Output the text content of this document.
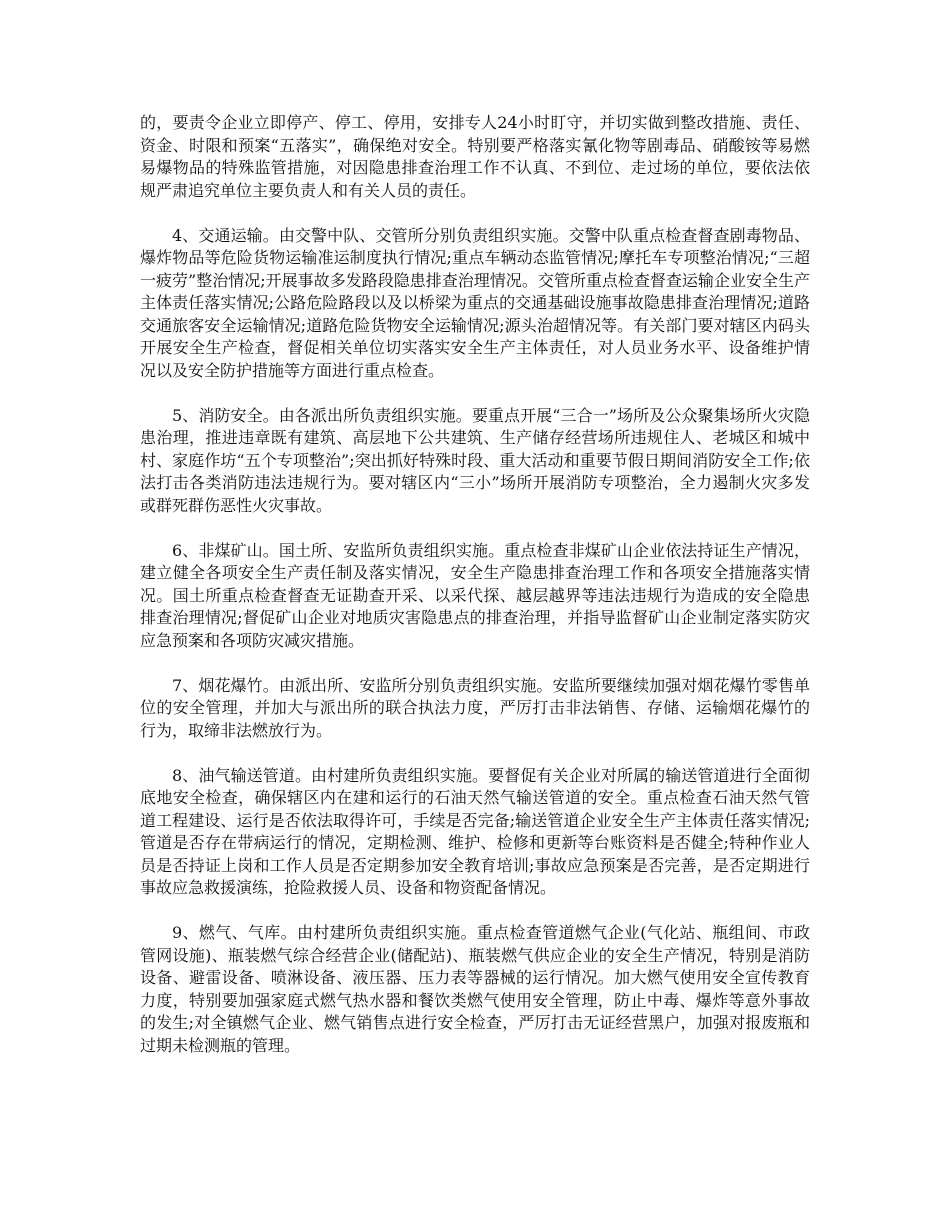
的，要责令企业立即停产、停工、停用，安排专人24小时盯守，并切实做到整改措施、责任、资金、时限和预案“五落实”，确保绝对安全。特别要严格落实氰化物等剧毒品、硝酸铵等易燃易爆物品的特殊监管措施，对因隐患排查治理工作不认真、不到位、走过场的单位，要依法依规严肃追究单位主要负责人和有关人员的责任。

4、交通运输。由交警中队、交管所分别负责组织实施。交警中队重点检查督查剧毒物品、爆炸物品等危险货物运输准运制度执行情况;重点车辆动态监管情况;摩托车专项整治情况;“三超一疲劳”整治情况;开展事故多发路段隐患排查治理情况。交管所重点检查督查运输企业安全生产主体责任落实情况;公路危险路段以及以桥梁为重点的交通基础设施事故隐患排查治理情况;道路交通旅客安全运输情况;道路危险货物安全运输情况;源头治超情况等。有关部门要对辖区内码头开展安全生产检查，督促相关单位切实落实安全生产主体责任，对人员业务水平、设备维护情况以及安全防护措施等方面进行重点检查。

5、消防安全。由各派出所负责组织实施。要重点开展“三合一”场所及公众聚集场所火灾隐患治理，推进违章既有建筑、高层地下公共建筑、生产储存经营场所违规住人、老城区和城中村、家庭作坊“五个专项整治”;突出抓好特殊时段、重大活动和重要节假日期间消防安全工作;依法打击各类消防违法违规行为。要对辖区内“三小”场所开展消防专项整治，全力遏制火灾多发或群死群伤恶性火灾事故。

6、非煤矿山。国土所、安监所负责组织实施。重点检查非煤矿山企业依法持证生产情况，建立健全各项安全生产责任制及落实情况，安全生产隐患排查治理工作和各项安全措施落实情况。国土所重点检查督查无证勘查开采、以采代探、越层越界等违法违规行为造成的安全隐患排查治理情况;督促矿山企业对地质灾害隐患点的排查治理，并指导监督矿山企业制定落实防灾应急预案和各项防灾减灾措施。

7、烟花爆竹。由派出所、安监所分别负责组织实施。安监所要继续加强对烟花爆竹零售单位的安全管理，并加大与派出所的联合执法力度，严厉打击非法销售、存储、运输烟花爆竹的行为，取缔非法燃放行为。

8、油气输送管道。由村建所负责组织实施。要督促有关企业对所属的输送管道进行全面彻底地安全检查，确保辖区内在建和运行的石油天然气输送管道的安全。重点检查石油天然气管道工程建设、运行是否依法取得许可，手续是否完备;输送管道企业安全生产主体责任落实情况;管道是否存在带病运行的情况，定期检测、维护、检修和更新等台账资料是否健全;特种作业人员是否持证上岗和工作人员是否定期参加安全教育培训;事故应急预案是否完善，是否定期进行事故应急救援演练，抢险救援人员、设备和物资配备情况。

9、燃气、气库。由村建所负责组织实施。重点检查管道燃气企业(气化站、瓶组间、市政管网设施)、瓶装燃气综合经营企业(储配站)、瓶装燃气供应企业的安全生产情况，特别是消防设备、避雷设备、喷淋设备、液压器、压力表等器械的运行情况。加大燃气使用安全宣传教育力度，特别要加强家庭式燃气热水器和餐饮类燃气使用安全管理，防止中毒、爆炸等意外事故的发生;对全镇燃气企业、燃气销售点进行安全检查，严厉打击无证经营黑户，加强对报废瓶和过期未检测瓶的管理。
